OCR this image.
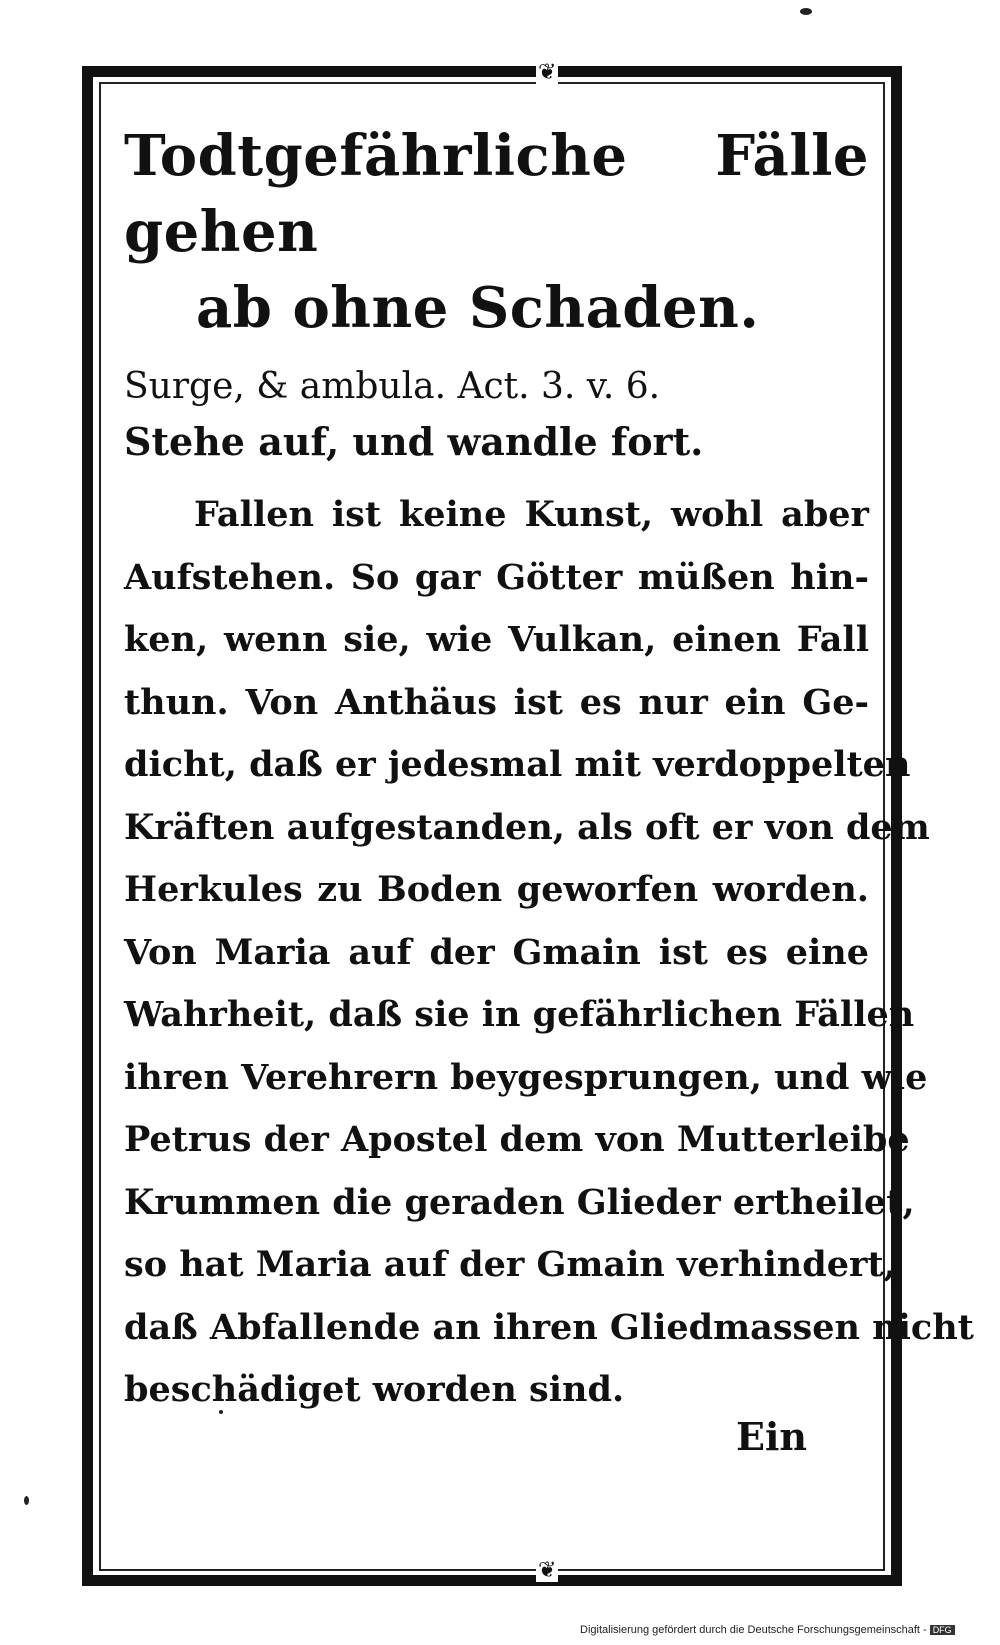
❦
❦
Todtgefährliche Fälle gehen
ab ohne Schaden.
Surge, & ambula. Act. 3. v. 6.
Stehe auf, und wandle fort.
Fallen ist keine Kunst, wohl aber
Aufstehen. So gar Götter müßen hin-
ken, wenn sie, wie Vulkan, einen Fall
thun. Von Anthäus ist es nur ein Ge-
dicht, daß er jedesmal mit verdoppelten
Kräften aufgestanden, als oft er von dem
Herkules zu Boden geworfen worden.
Von Maria auf der Gmain ist es eine
Wahrheit, daß sie in gefährlichen Fällen
ihren Verehrern beygesprungen, und wie
Petrus der Apostel dem von Mutterleibe
Krummen die geraden Glieder ertheilet,
so hat Maria auf der Gmain verhindert,
daß Abfallende an ihren Gliedmassen nicht
beschädiget worden sind.
Ein
Digitalisierung gefördert durch die Deutsche Forschungsgemeinschaft - DFG
